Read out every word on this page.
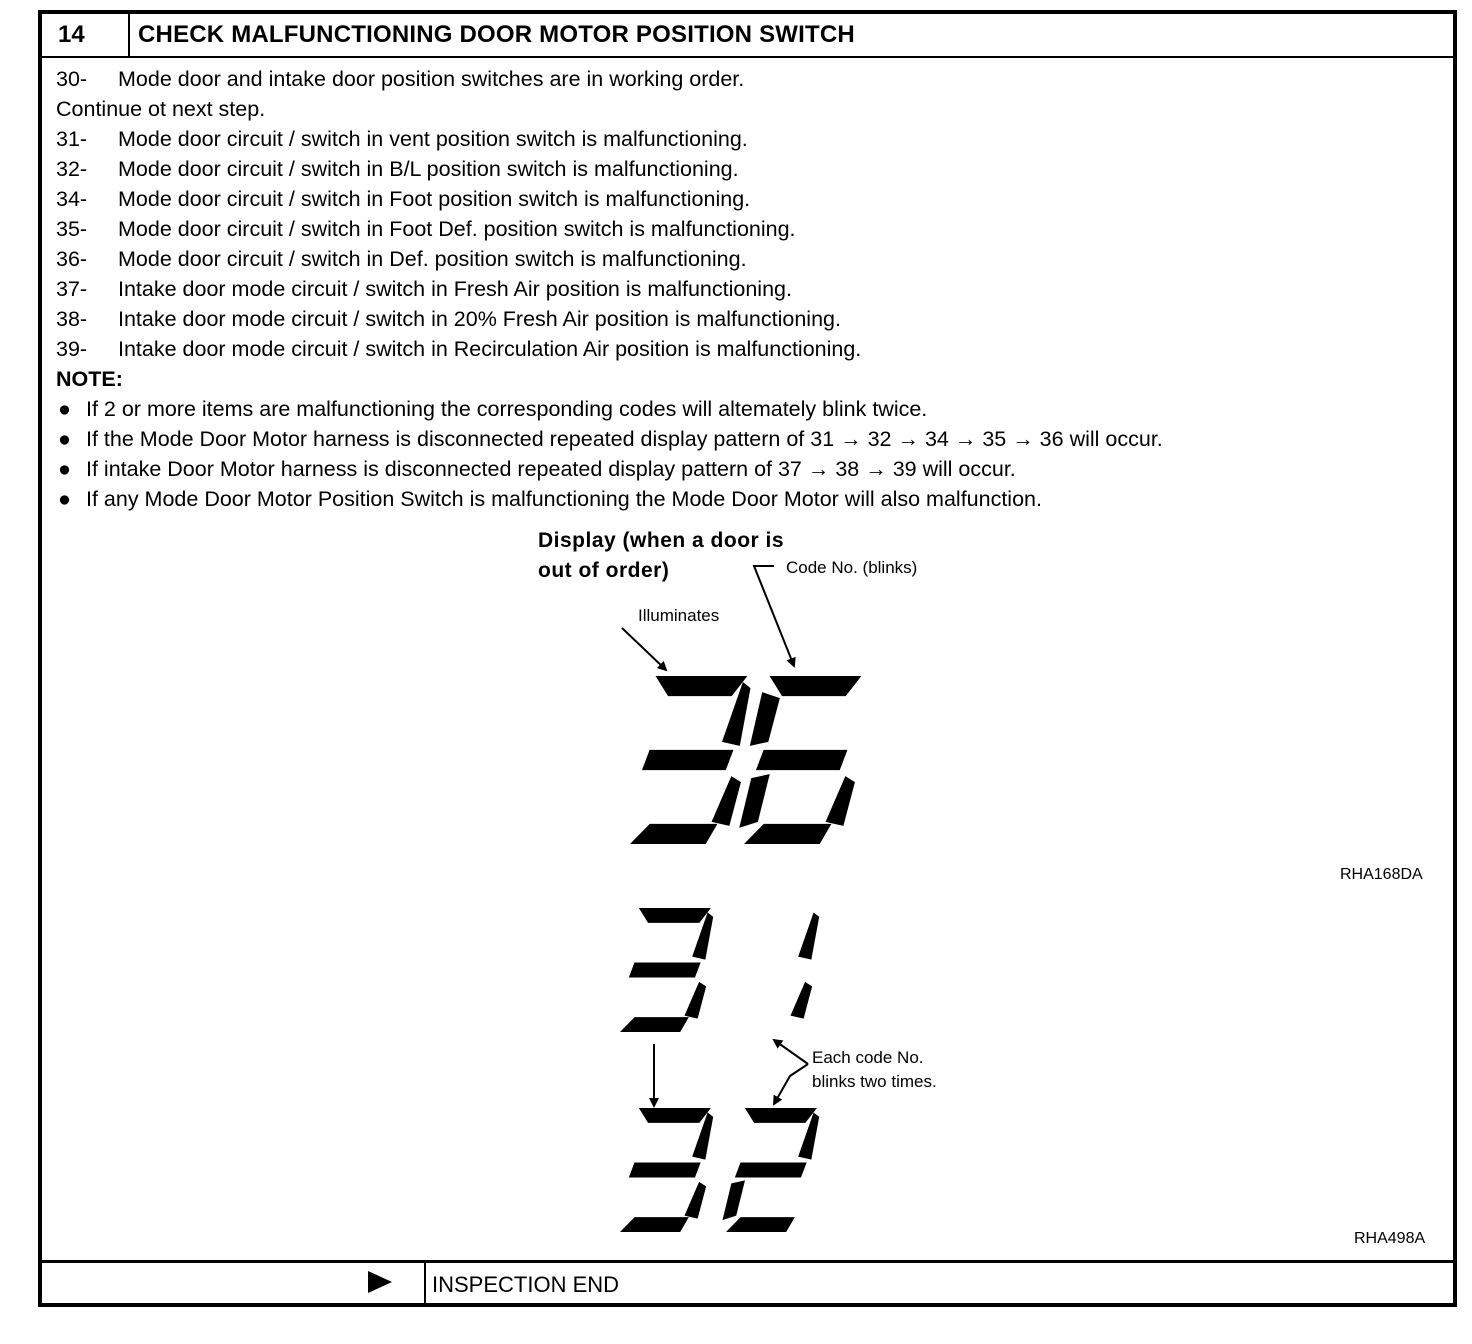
14	CHECK MALFUNCTIONING DOOR MOTOR POSITION SWITCH
30- Mode door and intake door position switches are in working order.
Continue ot next step.
31- Mode door circuit / switch in vent position switch is malfunctioning.
32- Mode door circuit / switch in B/L position switch is malfunctioning.
34- Mode door circuit / switch in Foot position switch is malfunctioning.
35- Mode door circuit / switch in Foot Def. position switch is malfunctioning.
36- Mode door circuit / switch in Def. position switch is malfunctioning.
37- Intake door mode circuit / switch in Fresh Air position is malfunctioning.
38- Intake door mode circuit / switch in 20% Fresh Air position is malfunctioning.
39- Intake door mode circuit / switch in Recirculation Air position is malfunctioning.
NOTE:
● If 2 or more items are malfunctioning the corresponding codes will altemately blink twice.
● If the Mode Door Motor harness is disconnected repeated display pattern of 31 → 32 → 34 → 35 → 36 will occur.
● If intake Door Motor harness is disconnected repeated display pattern of 37 → 38 → 39 will occur.
● If any Mode Door Motor Position Switch is malfunctioning the Mode Door Motor will also malfunction.
Display (when a door is
out of order)	Code No. (blinks)
Illuminates
RHA168DA
Each code No.
blinks two times.
RHA498A
INSPECTION END
